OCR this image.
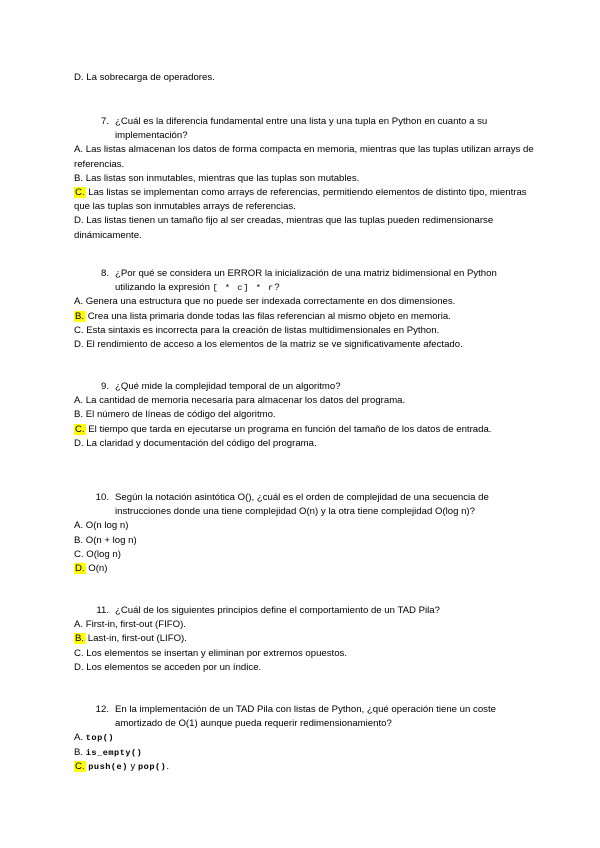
D. La sobrecarga de operadores.
7. ¿Cuál es la diferencia fundamental entre una lista y una tupla en Python en cuanto a su implementación?
A. Las listas almacenan los datos de forma compacta en memoria, mientras que las tuplas utilizan arrays de referencias.
B. Las listas son inmutables, mientras que las tuplas son mutables.
C. Las listas se implementan como arrays de referencias, permitiendo elementos de distinto tipo, mientras que las tuplas son inmutables arrays de referencias.
D. Las listas tienen un tamaño fijo al ser creadas, mientras que las tuplas pueden redimensionarse dinámicamente.
8. ¿Por qué se considera un ERROR la inicialización de una matriz bidimensional en Python utilizando la expresión [ * c] * r?
A. Genera una estructura que no puede ser indexada correctamente en dos dimensiones.
B. Crea una lista primaria donde todas las filas referencian al mismo objeto en memoria.
C. Esta sintaxis es incorrecta para la creación de listas multidimensionales en Python.
D. El rendimiento de acceso a los elementos de la matriz se ve significativamente afectado.
9. ¿Qué mide la complejidad temporal de un algoritmo?
A. La cantidad de memoria necesaria para almacenar los datos del programa.
B. El número de líneas de código del algoritmo.
C. El tiempo que tarda en ejecutarse un programa en función del tamaño de los datos de entrada.
D. La claridad y documentación del código del programa.
10. Según la notación asintótica O(), ¿cuál es el orden de complejidad de una secuencia de instrucciones donde una tiene complejidad O(n) y la otra tiene complejidad O(log n)?
A. O(n log n)
B. O(n + log n)
C. O(log n)
D. O(n)
11. ¿Cuál de los siguientes principios define el comportamiento de un TAD Pila?
A. First-in, first-out (FIFO).
B. Last-in, first-out (LIFO).
C. Los elementos se insertan y eliminan por extremos opuestos.
D. Los elementos se acceden por un índice.
12. En la implementación de un TAD Pila con listas de Python, ¿qué operación tiene un coste amortizado de O(1) aunque pueda requerir redimensionamiento?
A. top()
B. is_empty()
C. push(e) y pop().
